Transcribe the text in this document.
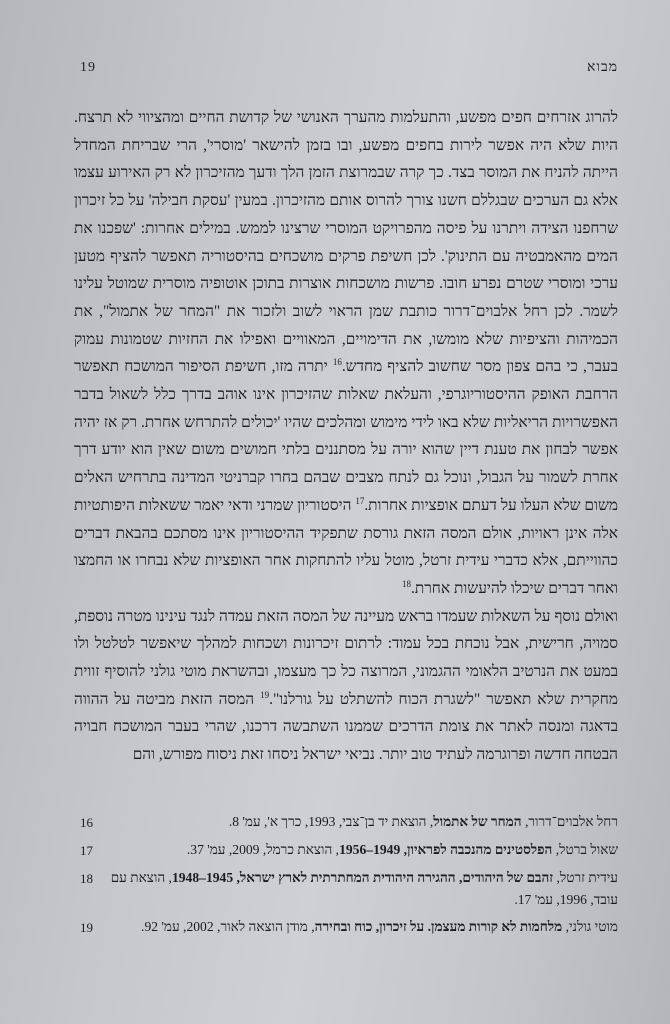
19	מבוא

להרוג אזרחים חפים מפשע, והתעלמות מהערך האנושי של קדושת החיים ומהציווי לא תרצח. היות שלא היה אפשר לירות בחפים מפשע, ובו בזמן להישאר 'מוסרי', הרי שבריחת המחדל הייתה להניח את המוסר בצד. כך קרה שבמרוצת הזמן הלך ודעך מהזיכרון לא רק האירוע עצמו אלא גם הערכים שבגללם חשנו צורך להרוס אותם מהזיכרון. במעין 'עסקת חבילה' על כל זיכרון שרחפנו הצידה ויתרנו על פיסה מהפרויקט המוסרי שרצינו לממש. במילים אחרות: 'שפכנו את המים מהאמבטיה עם התינוק'. לכן חשיפת פרקים מושכחים בהיסטוריה תאפשר להציף מטען ערכי ומוסרי שטרם נפרע חובו. פרשות מושכחות אוצרות בתוכן אוטופיה מוסרית שמוטל עלינו לשמר. לכן רחל אלבוים־דרור כותבת שמן הראוי לשוב ולזכור את "המחר של אתמול", את הכמיהות והציפיות שלא מומשו, את הדימויים, המאוויים ואפילו את החזיות שטמונות עמוק בעבר, כי בהם צפון מסר שחשוב להציף מחדש.$^{16}$ יתרה מזו, חשיפת הסיפור המושכח תאפשר הרחבת האופק ההיסטוריוגרפי, והעלאת שאלות שהזיכרון אינו אוהב בדרך כלל לשאול בדבר האפשרויות הריאליות שלא באו לידי מימוש ומהלכים שהיו 'יכולים להתרחש אחרת. רק אז יהיה אפשר לבחון את טענת דיין שהוא יורה על מסתננים בלתי חמושים משום שאין הוא יודע דרך אחרת לשמור על הגבול, ונוכל גם לנתח מצבים שבהם בחרו קברניטי המדינה בתרחיש האלים משום שלא העלו על דעתם אופציות אחרות.$^{17}$ היסטוריון שמרני ודאי יאמר ששאלות היפותטיות אלה אינן ראויות, אולם המסה הזאת גורסת שתפקיד ההיסטוריון אינו מסתכם בהבאת דברים כהווייתם, אלא כדברי עידית זרטל, מוטל עליו להתחקות אחר האופציות שלא נבחרו או החמצו ואחר דברים שיכלו להיעשות אחרת.$^{18}$

ואולם נוסף על השאלות שעמדו בראש מעיינה של המסה הזאת עמדה לנגד עינינו מטרה נוספת, סמויה, חרישית, אבל נוכחת בכל עמוד: לרתום זיכרונות ושכחות למהלך שיאפשר לטלטל ולו במעט את הנרטיב הלאומי ההגמוני, המרוצה כל כך מעצמו, ובהשראת מוטי גולני להוסיף זווית מחקרית שלא תאפשר "לשגרת הכוח להשתלט על גורלנו".$^{19}$ המסה הזאת מביטה על ההווה בדאגה ומנסה לאתר את צומת הדרכים שממנו השתבשה דרכנו, שהרי בעבר המושכח חבויה הבטחה חדשה ופרוגרמה לעתיד טוב יותר. נביאי ישראל ניסחו זאת ניסוח מפורש, והם

16	רחל אלבוים־דרור, המחר של אתמול, הוצאת יד בן־צבי, 1993, כרך א', עמ' 8.
17	שאול ברטל, הפלסטינים מהנכבה לפראיון, 1949–1956, הוצאת כרמל, 2009, עמ' 37.
18	עידית זרטל, זהבם של היהודים, ההגירה היהודית המחתרתית לארץ ישראל, 1945–1948, הוצאת עם עובד, 1996, עמ' 17.
19	מוטי גולני, מלחמות לא קורות מעצמן. על זיכרון, כוח ובחירה, מודן הוצאה לאור, 2002, עמ' 92.
